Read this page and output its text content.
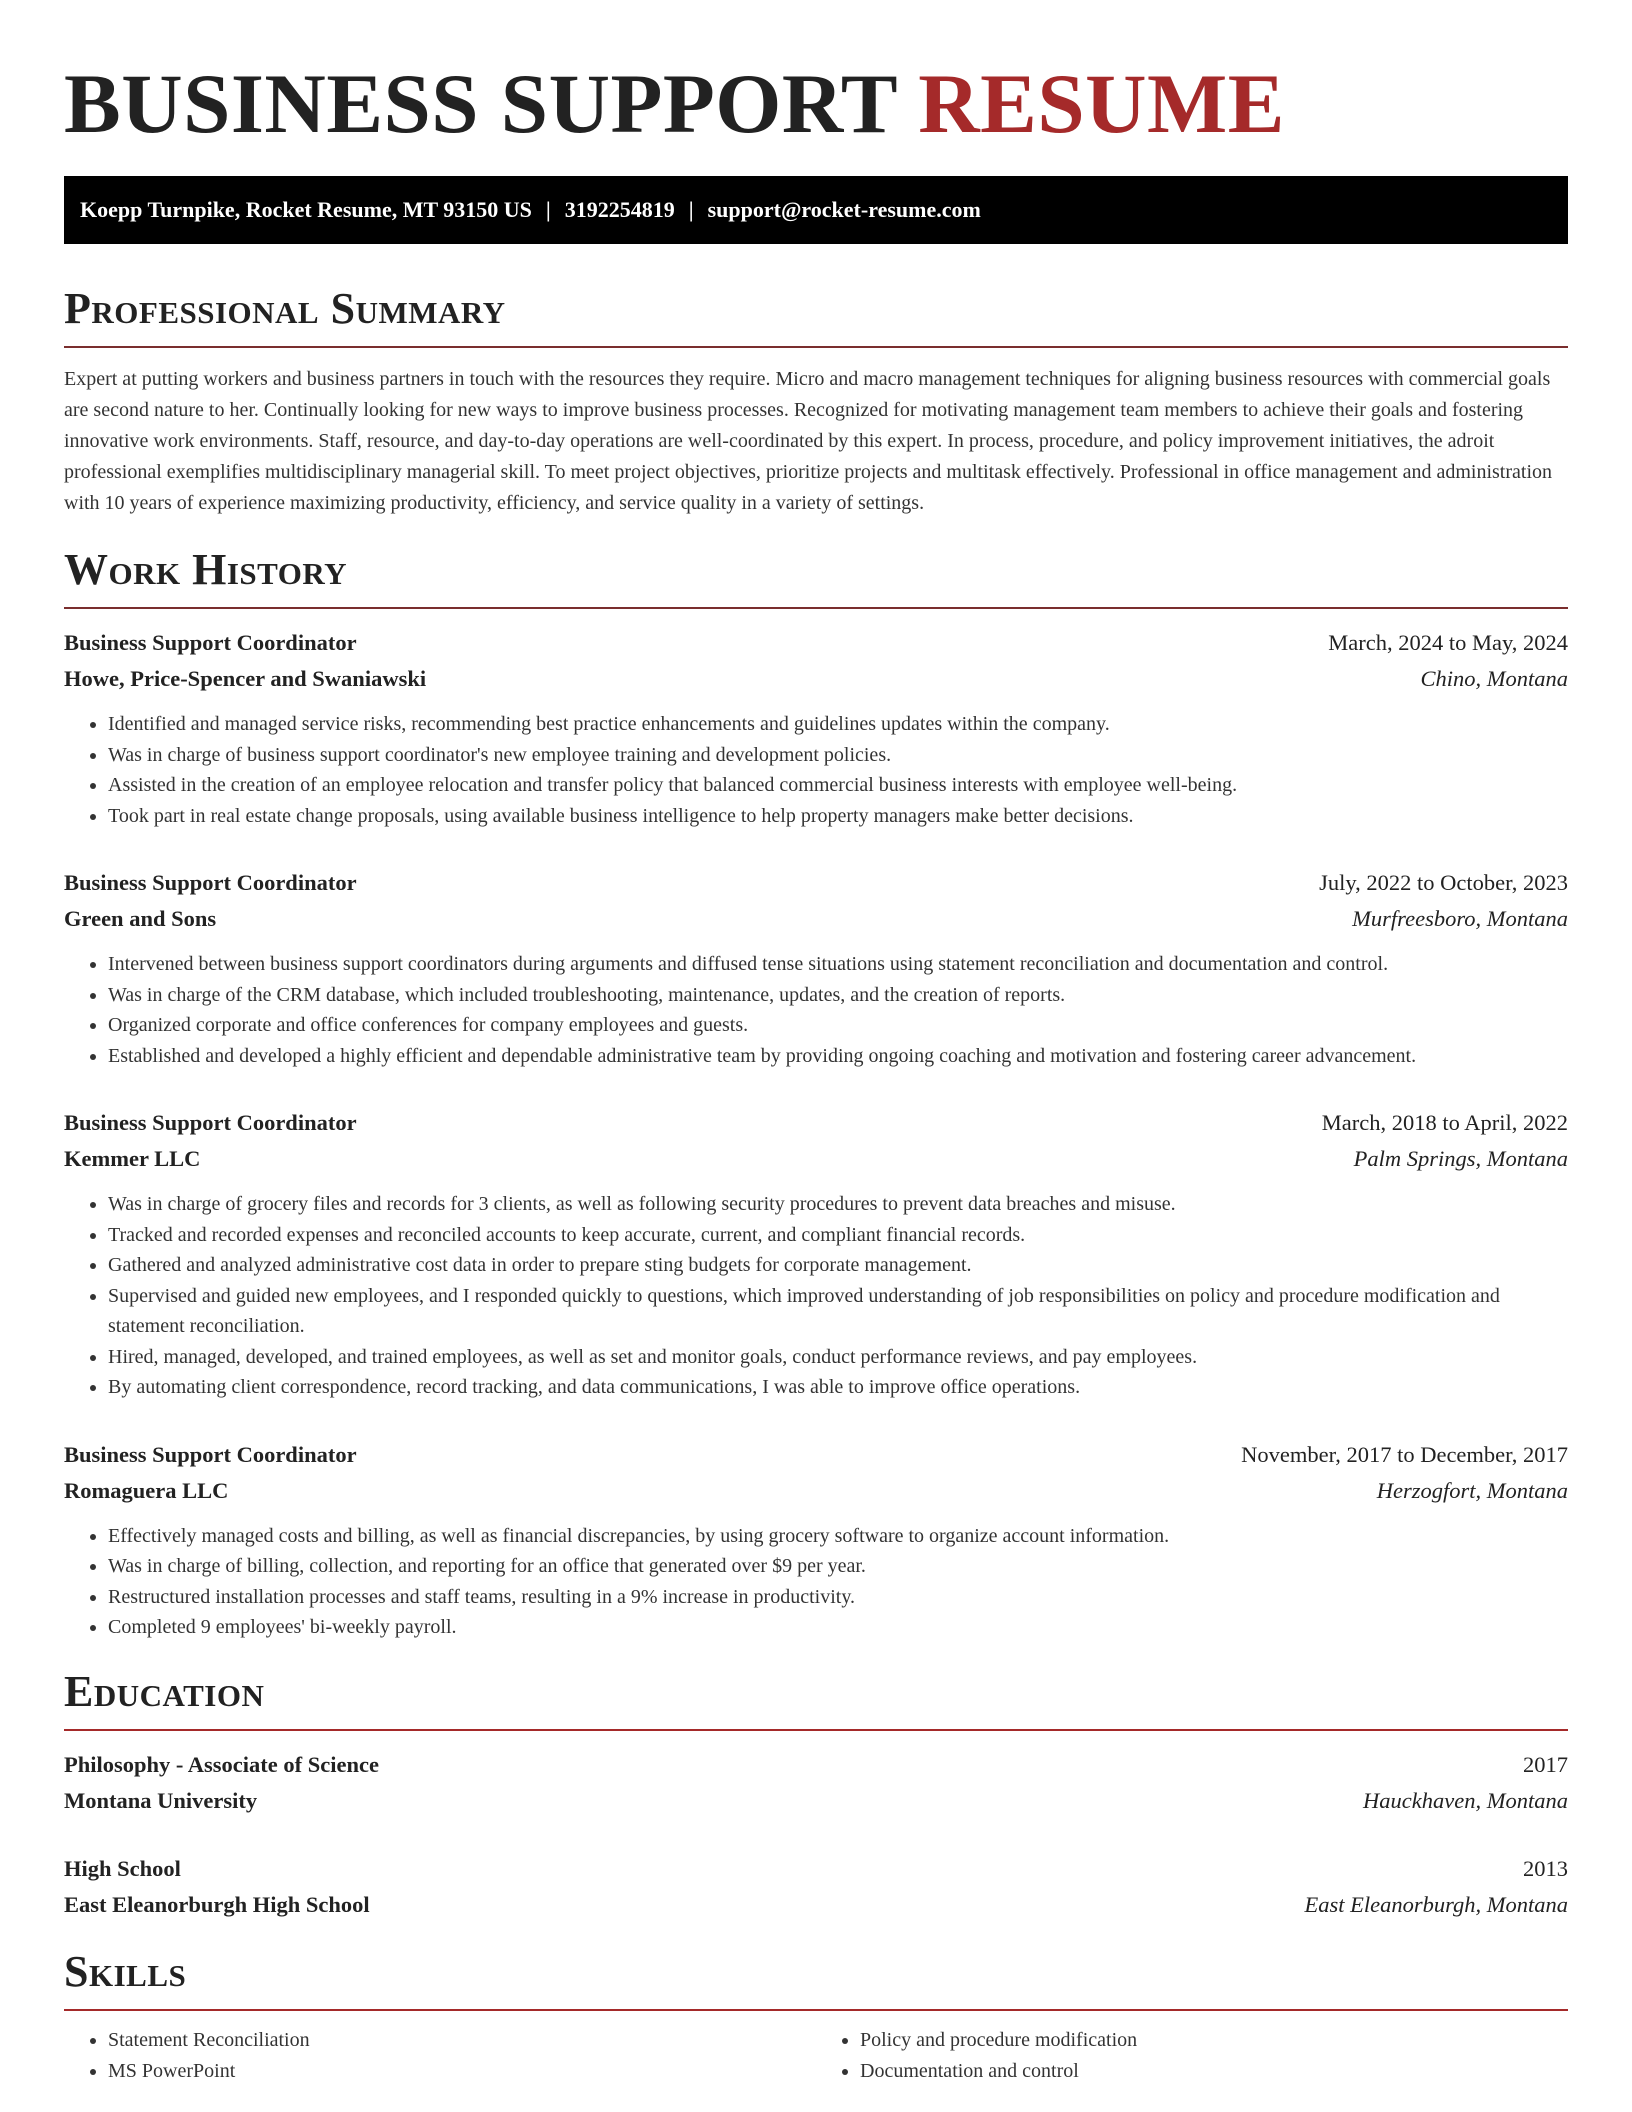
BUSINESS SUPPORT RESUME
Koepp Turnpike, Rocket Resume, MT 93150 US | 3192254819 | support@rocket-resume.com
Professional Summary

Expert at putting workers and business partners in touch with the resources they require. Micro and macro management techniques for aligning business resources with commercial goals are second nature to her. Continually looking for new ways to improve business processes. Recognized for motivating management team members to achieve their goals and fostering innovative work environments. Staff, resource, and day-to-day operations are well-coordinated by this expert. In process, procedure, and policy improvement initiatives, the adroit professional exemplifies multidisciplinary managerial skill. To meet project objectives, prioritize projects and multitask effectively. Professional in office management and administration with 10 years of experience maximizing productivity, efficiency, and service quality in a variety of settings.

Work History
Business Support Coordinator	March, 2024 to May, 2024
Howe, Price-Spencer and Swaniawski	Chino, Montana
• Identified and managed service risks, recommending best practice enhancements and guidelines updates within the company.
• Was in charge of business support coordinator's new employee training and development policies.
• Assisted in the creation of an employee relocation and transfer policy that balanced commercial business interests with employee well-being.
• Took part in real estate change proposals, using available business intelligence to help property managers make better decisions.
Business Support Coordinator	July, 2022 to October, 2023
Green and Sons	Murfreesboro, Montana
• Intervened between business support coordinators during arguments and diffused tense situations using statement reconciliation and documentation and control.
• Was in charge of the CRM database, which included troubleshooting, maintenance, updates, and the creation of reports.
• Organized corporate and office conferences for company employees and guests.
• Established and developed a highly efficient and dependable administrative team by providing ongoing coaching and motivation and fostering career advancement.
Business Support Coordinator	March, 2018 to April, 2022
Kemmer LLC	Palm Springs, Montana
• Was in charge of grocery files and records for 3 clients, as well as following security procedures to prevent data breaches and misuse.
• Tracked and recorded expenses and reconciled accounts to keep accurate, current, and compliant financial records.
• Gathered and analyzed administrative cost data in order to prepare sting budgets for corporate management.
• Supervised and guided new employees, and I responded quickly to questions, which improved understanding of job responsibilities on policy and procedure modification and statement reconciliation.
• Hired, managed, developed, and trained employees, as well as set and monitor goals, conduct performance reviews, and pay employees.
• By automating client correspondence, record tracking, and data communications, I was able to improve office operations.
Business Support Coordinator	November, 2017 to December, 2017
Romaguera LLC	Herzogfort, Montana
• Effectively managed costs and billing, as well as financial discrepancies, by using grocery software to organize account information.
• Was in charge of billing, collection, and reporting for an office that generated over $9 per year.
• Restructured installation processes and staff teams, resulting in a 9% increase in productivity.
• Completed 9 employees' bi-weekly payroll.
Education
Philosophy - Associate of Science	2017
Montana University	Hauckhaven, Montana
High School	2013
East Eleanorburgh High School	East Eleanorburgh, Montana
Skills
• Statement Reconciliation
• MS PowerPoint
• Policy and procedure modification
• Documentation and control
